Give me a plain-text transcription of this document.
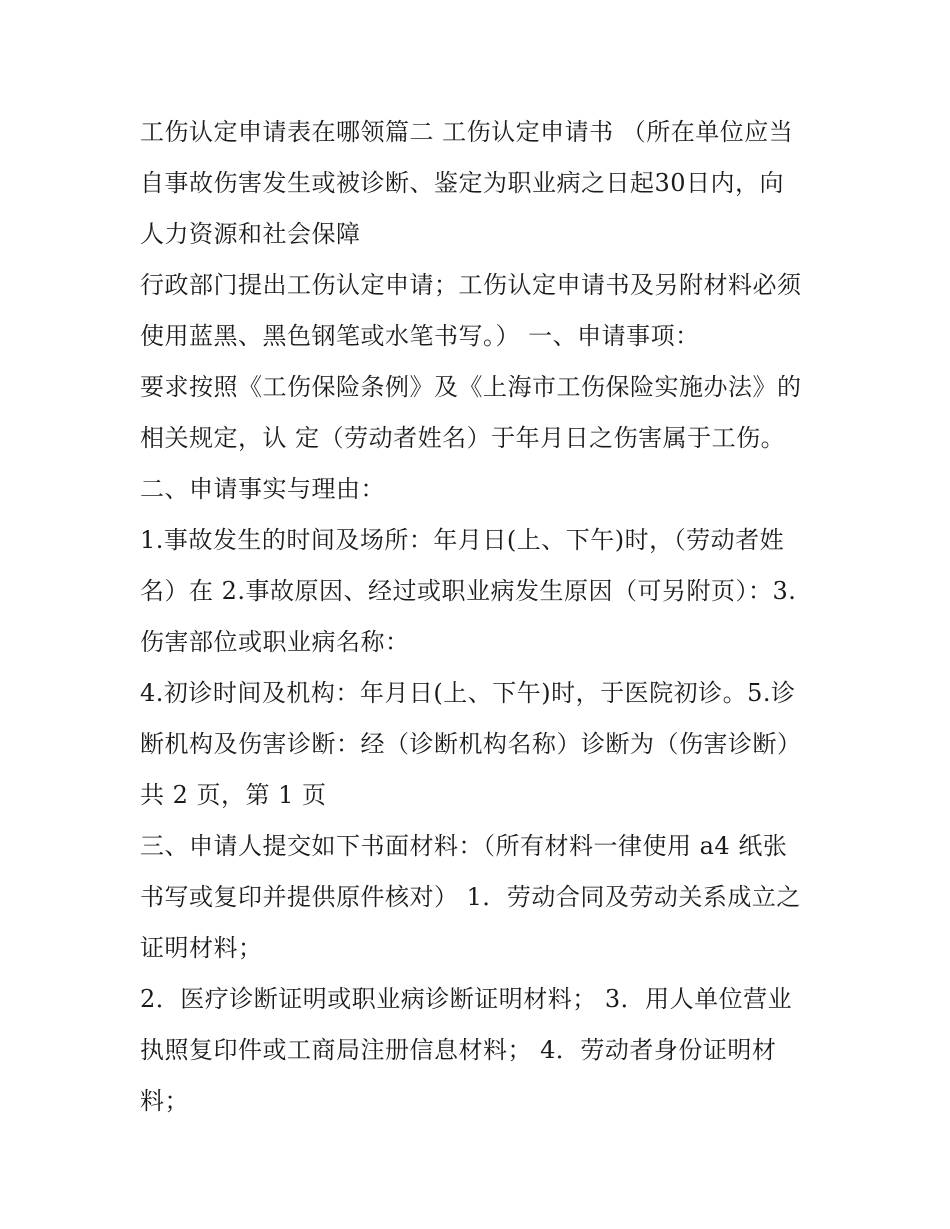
工伤认定申请表在哪领篇二 工伤认定申请书 （所在单位应当
自事故伤害发生或被诊断、鉴定为职业病之日起30日内，向
人力资源和社会保障
行政部门提出工伤认定申请；工伤认定申请书及另附材料必须
使用蓝黑、黑色钢笔或水笔书写。） 一、申请事项：
要求按照《工伤保险条例》及《上海市工伤保险实施办法》的
相关规定，认 定（劳动者姓名）于年月日之伤害属于工伤。
二、申请事实与理由：
1.事故发生的时间及场所：年月日(上、下午)时，（劳动者姓
名）在 2.事故原因、经过或职业病发生原因（可另附页）：3.
伤害部位或职业病名称：
4.初诊时间及机构：年月日(上、下午)时，于医院初诊。5.诊
断机构及伤害诊断：经（诊断机构名称）诊断为（伤害诊断）
共 2 页，第 1 页
三、申请人提交如下书面材料：（所有材料一律使用 a4 纸张
书写或复印并提供原件核对） 1．劳动合同及劳动关系成立之
证明材料；
2．医疗诊断证明或职业病诊断证明材料； 3．用人单位营业
执照复印件或工商局注册信息材料； 4．劳动者身份证明材
料；
